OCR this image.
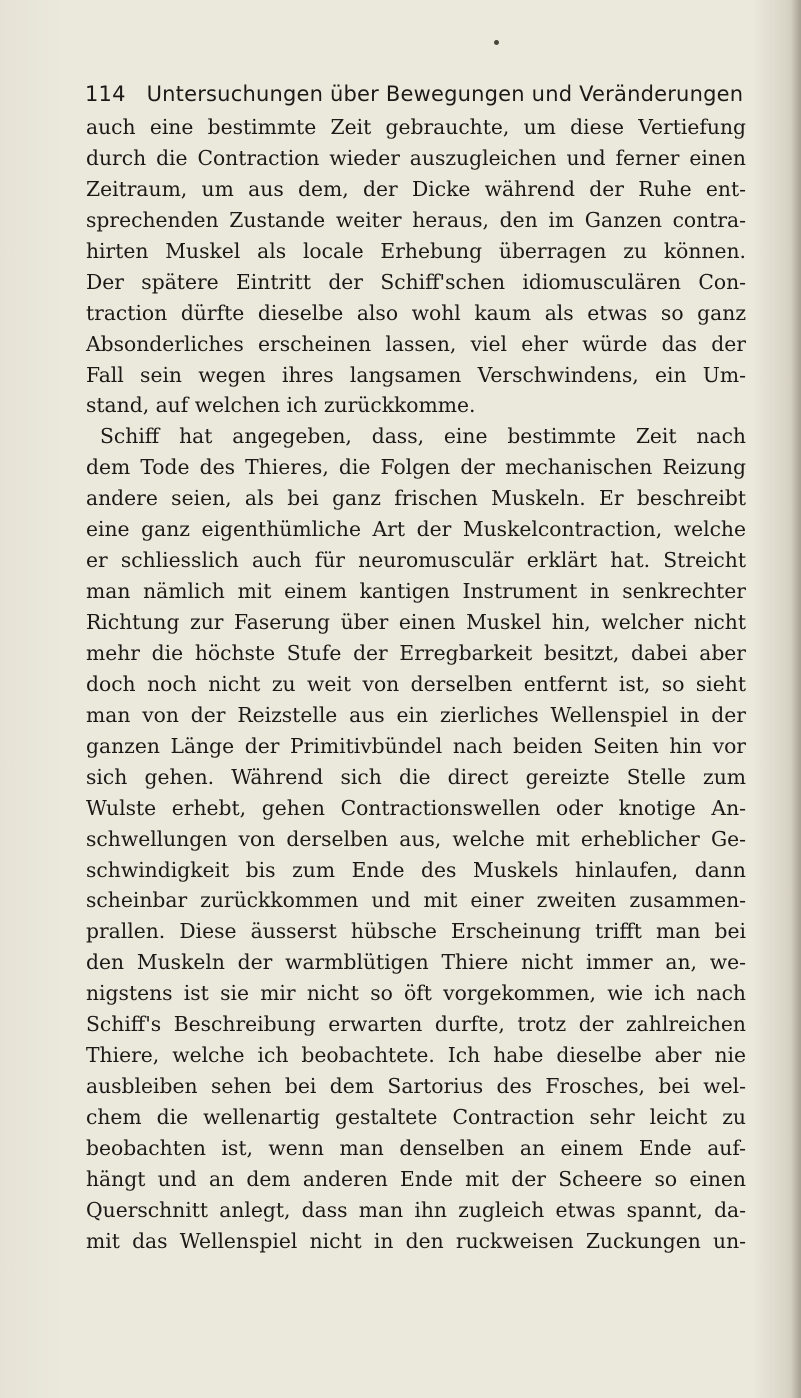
114 Untersuchungen über Bewegungen und Veränderungen
auch eine bestimmte Zeit gebrauchte, um diese Vertiefung
durch die Contraction wieder auszugleichen und ferner einen
Zeitraum, um aus dem, der Dicke während der Ruhe ent-
sprechenden Zustande weiter heraus, den im Ganzen contra-
hirten Muskel als locale Erhebung überragen zu können.
Der spätere Eintritt der Schiff'schen idiomusculären Con-
traction dürfte dieselbe also wohl kaum als etwas so ganz
Absonderliches erscheinen lassen, viel eher würde das der
Fall sein wegen ihres langsamen Verschwindens, ein Um-
stand, auf welchen ich zurückkomme.
Schiff hat angegeben, dass, eine bestimmte Zeit nach
dem Tode des Thieres, die Folgen der mechanischen Reizung
andere seien, als bei ganz frischen Muskeln. Er beschreibt
eine ganz eigenthümliche Art der Muskelcontraction, welche
er schliesslich auch für neuromusculär erklärt hat. Streicht
man nämlich mit einem kantigen Instrument in senkrechter
Richtung zur Faserung über einen Muskel hin, welcher nicht
mehr die höchste Stufe der Erregbarkeit besitzt, dabei aber
doch noch nicht zu weit von derselben entfernt ist, so sieht
man von der Reizstelle aus ein zierliches Wellenspiel in der
ganzen Länge der Primitivbündel nach beiden Seiten hin vor
sich gehen. Während sich die direct gereizte Stelle zum
Wulste erhebt, gehen Contractionswellen oder knotige An-
schwellungen von derselben aus, welche mit erheblicher Ge-
schwindigkeit bis zum Ende des Muskels hinlaufen, dann
scheinbar zurückkommen und mit einer zweiten zusammen-
prallen. Diese äusserst hübsche Erscheinung trifft man bei
den Muskeln der warmblütigen Thiere nicht immer an, we-
nigstens ist sie mir nicht so öft vorgekommen, wie ich nach
Schiff's Beschreibung erwarten durfte, trotz der zahlreichen
Thiere, welche ich beobachtete. Ich habe dieselbe aber nie
ausbleiben sehen bei dem Sartorius des Frosches, bei wel-
chem die wellenartig gestaltete Contraction sehr leicht zu
beobachten ist, wenn man denselben an einem Ende auf-
hängt und an dem anderen Ende mit der Scheere so einen
Querschnitt anlegt, dass man ihn zugleich etwas spannt, da-
mit das Wellenspiel nicht in den ruckweisen Zuckungen un-
